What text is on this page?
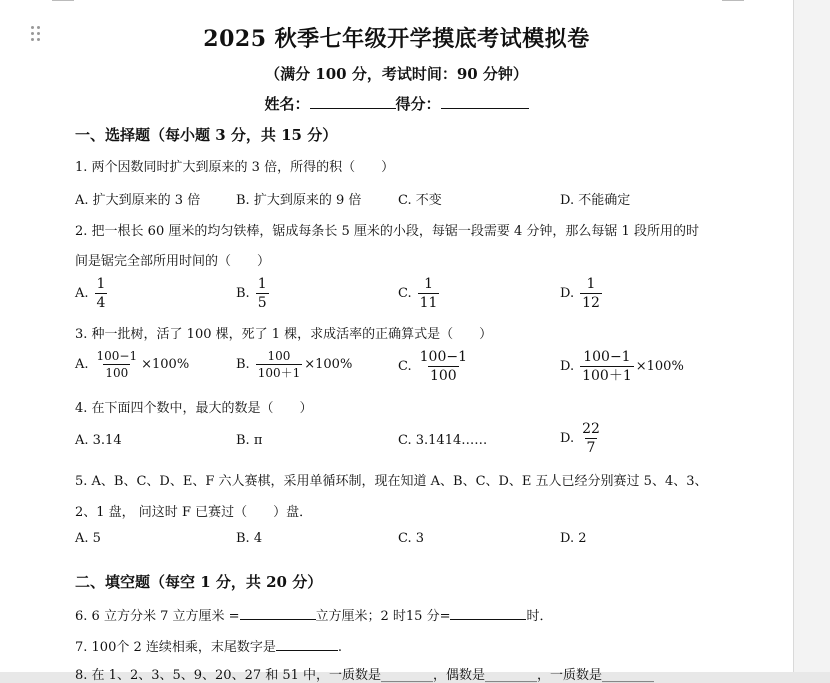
2025 秋季七年级开学摸底考试模拟卷
（满分 100 分，考试时间：90 分钟）
姓名：	得分：
一、选择题（每小题 3 分，共 15 分）
1. 两个因数同时扩大到原来的 3 倍，所得的积（　　）
A. 扩大到原来的 3 倍	B. 扩大到原来的 9 倍	C. 不变	D. 不能确定
2. 把一根长 60 厘米的均匀铁棒，锯成每条长 5 厘米的小段，每锯一段需要 4 分钟，那么每锯 1 段所用的时
间是锯完全部所用时间的（　　）
A. $\frac{1}{4}$	B. $\frac{1}{5}$	C. $\frac{1}{11}$	D. $\frac{1}{12}$
3. 种一批树，活了 100 棵，死了 1 棵，求成活率的正确算式是（　　）
A. $\frac{100-1}{100} \times 100\%$	B. $\frac{100}{100+1} \times 100\%$	C. $\frac{100-1}{100}$	D. $\frac{100-1}{100+1} \times 100\%$
4. 在下面四个数中，最大的数是（　　）
A. 3.14	B. π	C. 3.1414……	D. $\frac{22}{7}$
5. A、B、C、D、E、F 六人赛棋，采用单循环制，现在知道 A、B、C、D、E 五人已经分别赛过 5、4、3、
2、1 盘， 问这时 F 已赛过（　　）盘．
A. 5	B. 4	C. 3	D. 2
二、填空题（每空 1 分，共 20 分）
6. 6 立方分米 7 立方厘米 =	立方厘米；2 时15 分=	时．
7. 100个 2 连续相乘，末尾数字是	.
8. 在 1、2、3、5、9、20、27 和 51 中，一质数是________，偶数是________，一质数是________
